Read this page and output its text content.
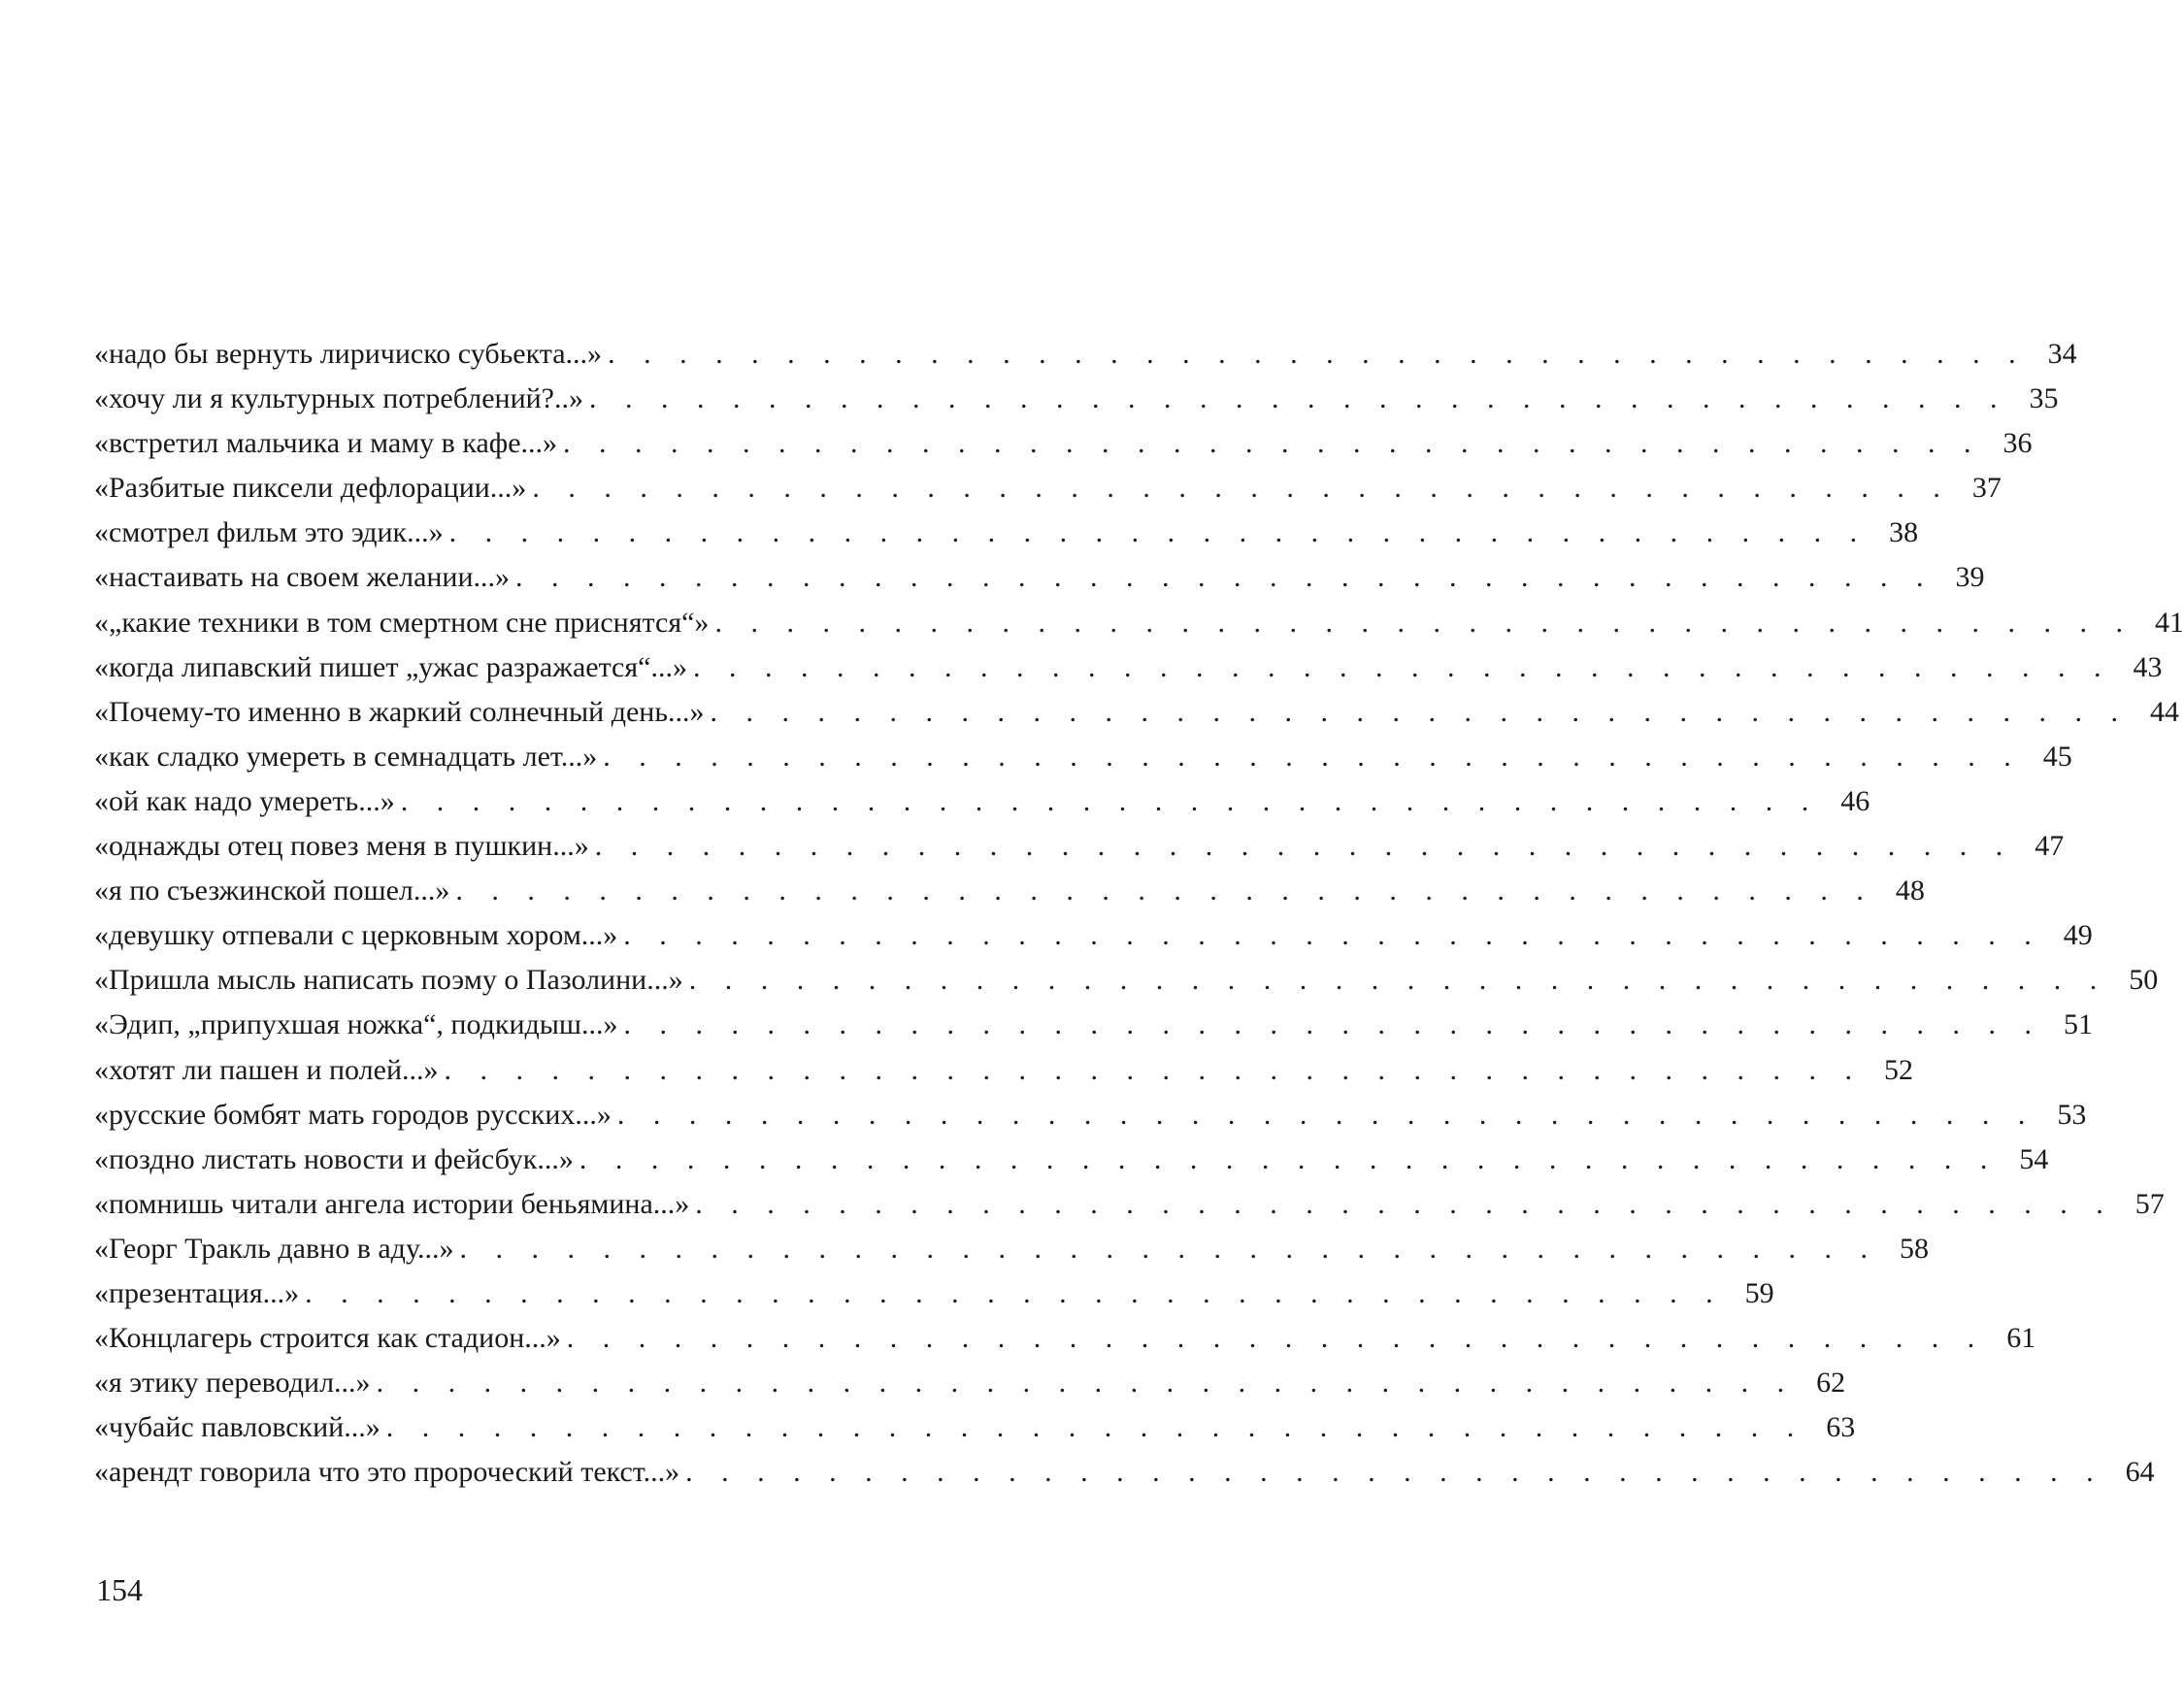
«надо бы вернуть лиричиско субьекта...» . . . . . . . . . . . . . . . . . . . . . . . . . . . . . . . . . . . . . . . . 34
«хочу ли я культурных потреблений?..» . . . . . . . . . . . . . . . . . . . . . . . . . . . . . . . . . . . . . . . . 35
«встретил мальчика и маму в кафе...» . . . . . . . . . . . . . . . . . . . . . . . . . . . . . . . . . . . . . . . . 36
«Разбитые пиксели дефлорации...» . . . . . . . . . . . . . . . . . . . . . . . . . . . . . . . . . . . . . . . . 37
«смотрел фильм это эдик...» . . . . . . . . . . . . . . . . . . . . . . . . . . . . . . . . . . . . . . . . 38
«настаивать на своем желании...» . . . . . . . . . . . . . . . . . . . . . . . . . . . . . . . . . . . . . . . . 39
«„какие техники в том смертном сне приснятся“» . . . . . . . . . . . . . . . . . . . . . . . . . . . . . . . . . . . . . . . . 41
«когда липавский пишет „ужас разражается“...» . . . . . . . . . . . . . . . . . . . . . . . . . . . . . . . . . . . . . . . . 43
«Почему-то именно в жаркий солнечный день...» . . . . . . . . . . . . . . . . . . . . . . . . . . . . . . . . . . . . . . . . 44
«как сладко умереть в семнадцать лет...» . . . . . . . . . . . . . . . . . . . . . . . . . . . . . . . . . . . . . . . . 45
«ой как надо умереть...» . . . . . . . . . . . . . . . . . . . . . . . . . . . . . . . . . . . . . . . . 46
«однажды отец повез меня в пушкин...» . . . . . . . . . . . . . . . . . . . . . . . . . . . . . . . . . . . . . . . . 47
«я по съезжинской пошел...» . . . . . . . . . . . . . . . . . . . . . . . . . . . . . . . . . . . . . . . . 48
«девушку отпевали с церковным хором...» . . . . . . . . . . . . . . . . . . . . . . . . . . . . . . . . . . . . . . . . 49
«Пришла мысль написать поэму о Пазолини...» . . . . . . . . . . . . . . . . . . . . . . . . . . . . . . . . . . . . . . . . 50
«Эдип, „припухшая ножка“, подкидыш...» . . . . . . . . . . . . . . . . . . . . . . . . . . . . . . . . . . . . . . . . 51
«хотят ли пашен и полей...» . . . . . . . . . . . . . . . . . . . . . . . . . . . . . . . . . . . . . . . . 52
«русские бомбят мать городов русских...» . . . . . . . . . . . . . . . . . . . . . . . . . . . . . . . . . . . . . . . . 53
«поздно листать новости и фейсбук...» . . . . . . . . . . . . . . . . . . . . . . . . . . . . . . . . . . . . . . . . 54
«помнишь читали ангела истории беньямина...» . . . . . . . . . . . . . . . . . . . . . . . . . . . . . . . . . . . . . . . . 57
«Георг Тракль давно в аду...» . . . . . . . . . . . . . . . . . . . . . . . . . . . . . . . . . . . . . . . . 58
«презентация...» . . . . . . . . . . . . . . . . . . . . . . . . . . . . . . . . . . . . . . . . 59
«Концлагерь строится как стадион...» . . . . . . . . . . . . . . . . . . . . . . . . . . . . . . . . . . . . . . . . 61
«я этику переводил...» . . . . . . . . . . . . . . . . . . . . . . . . . . . . . . . . . . . . . . . . 62
«чубайс павловский...» . . . . . . . . . . . . . . . . . . . . . . . . . . . . . . . . . . . . . . . . 63
«арендт говорила что это пророческий текст...» . . . . . . . . . . . . . . . . . . . . . . . . . . . . . . . . . . . . . . . . 64
154
